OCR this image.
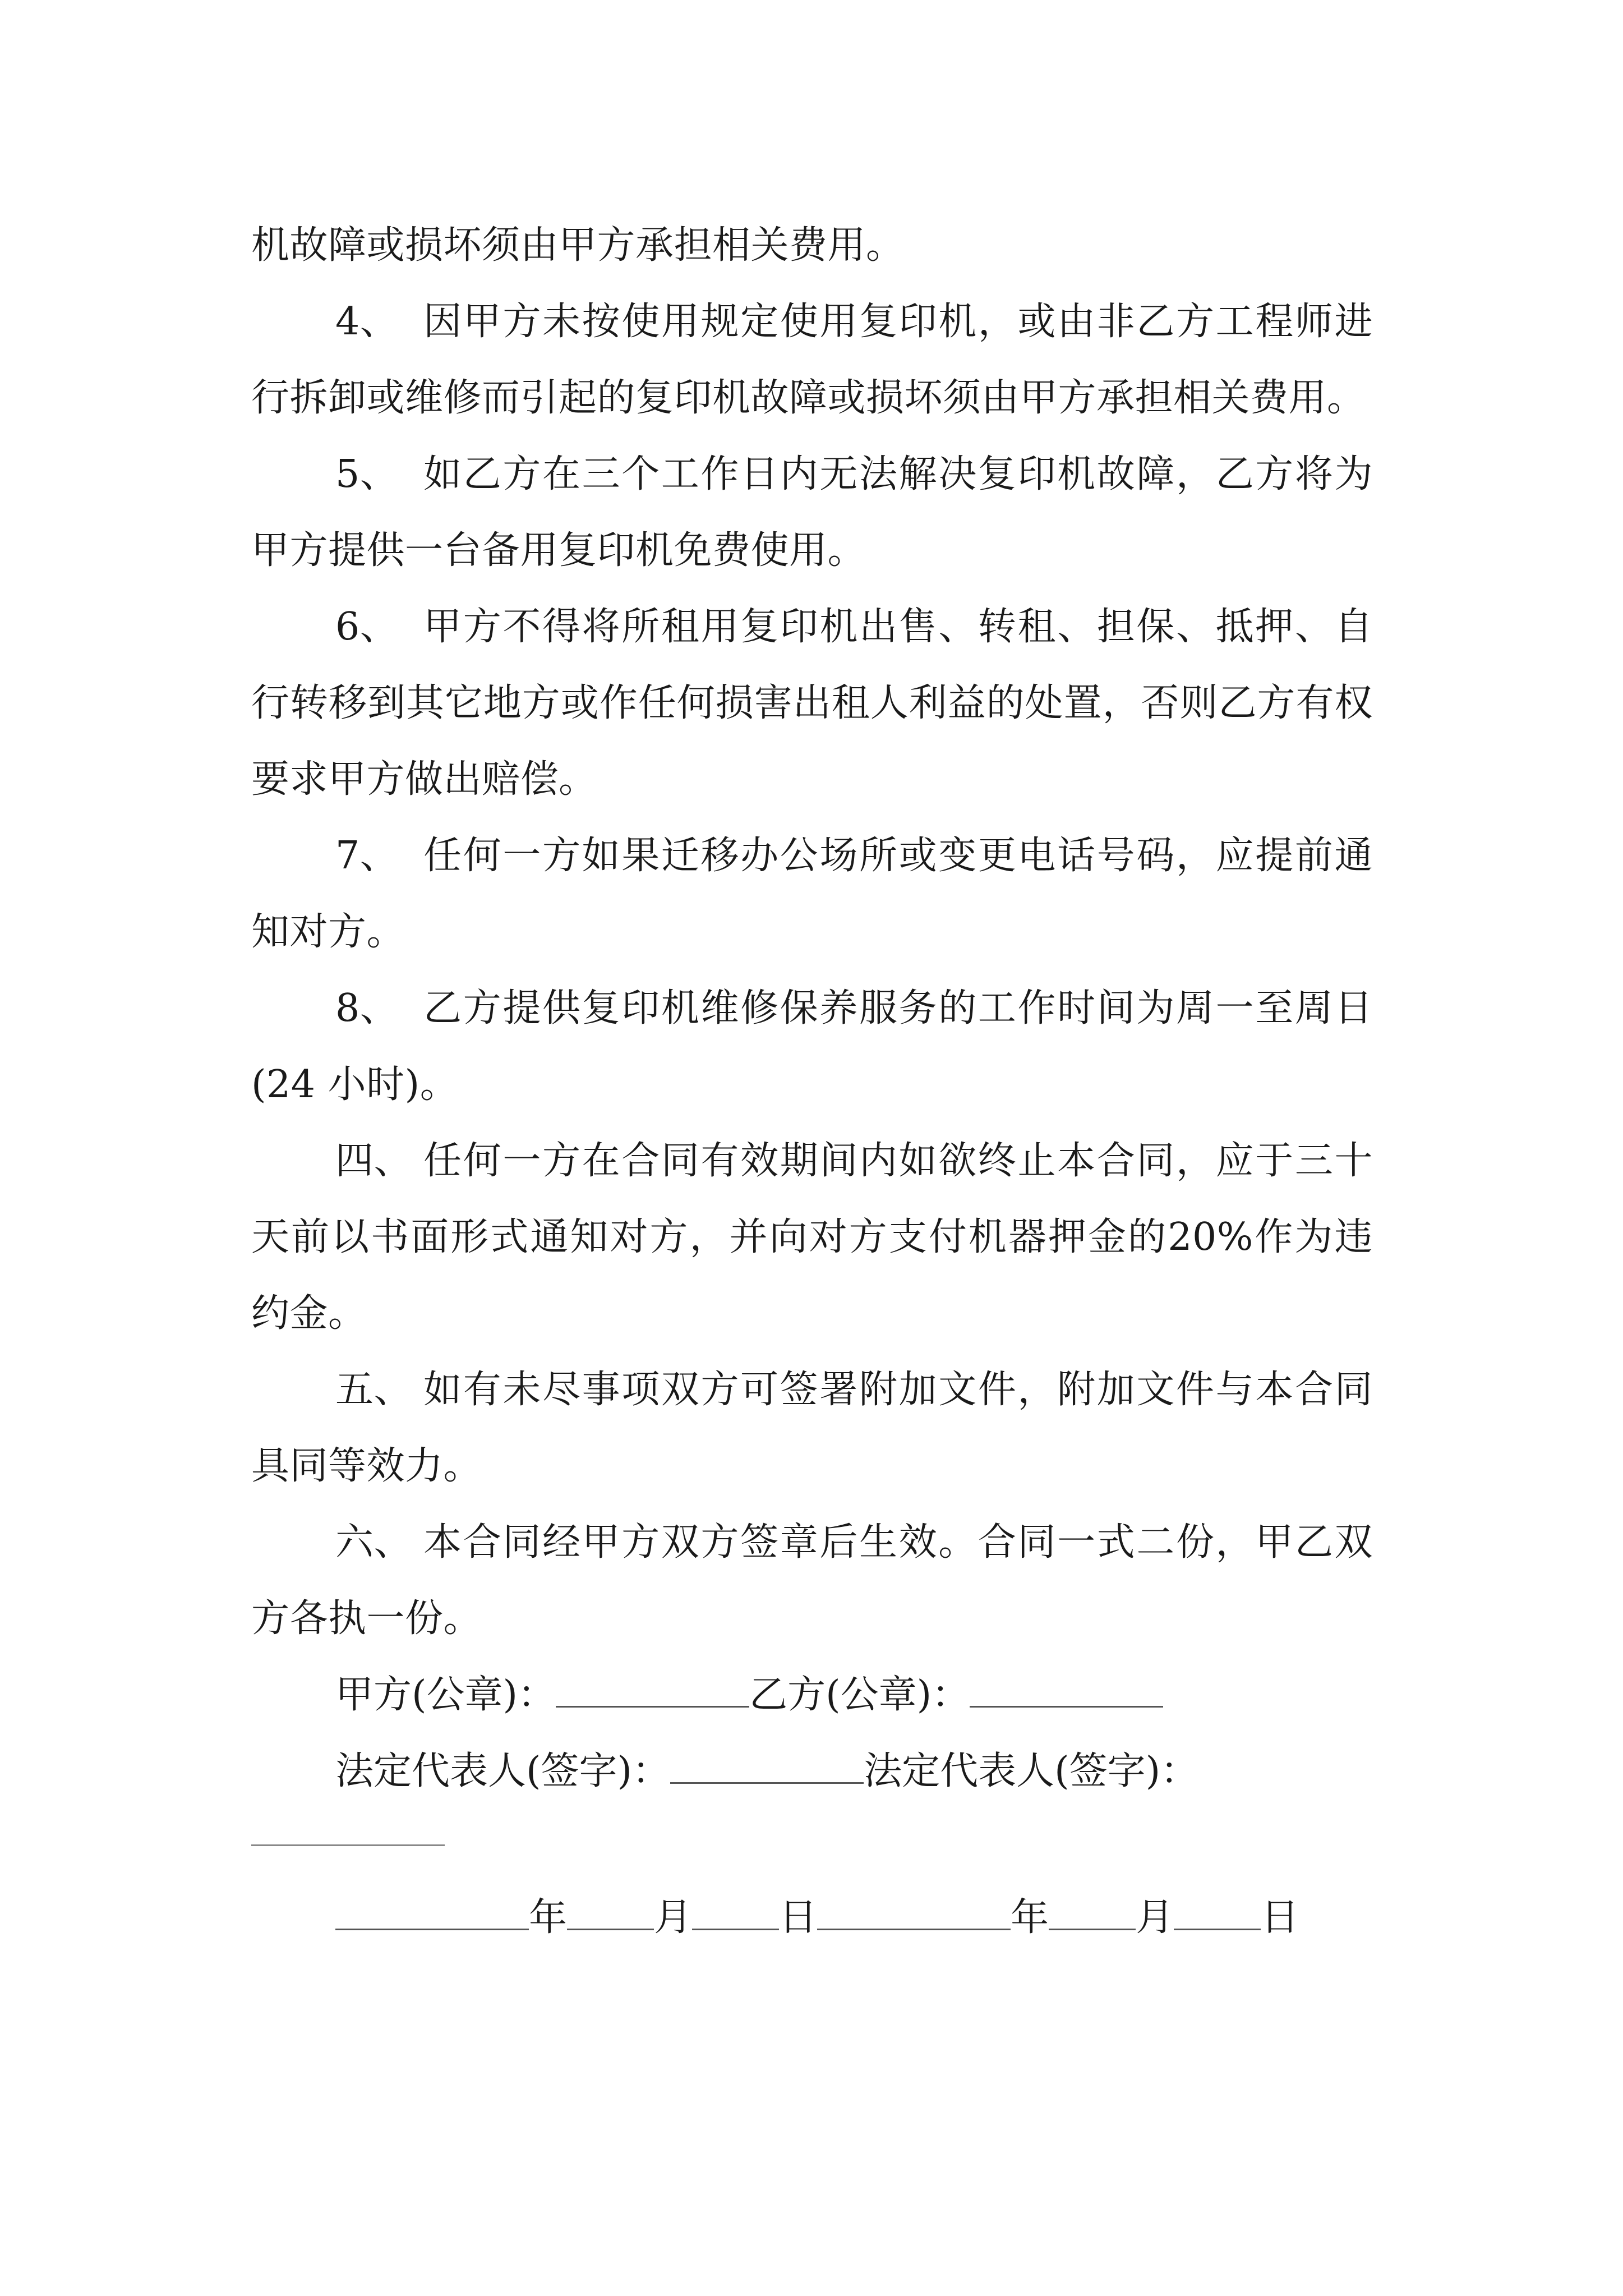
机故障或损坏须由甲方承担相关费用。

4、 因甲方未按使用规定使用复印机，或由非乙方工程师进行拆卸或维修而引起的复印机故障或损坏须由甲方承担相关费用。

5、 如乙方在三个工作日内无法解决复印机故障，乙方将为甲方提供一台备用复印机免费使用。

6、 甲方不得将所租用复印机出售、转租、担保、抵押、自行转移到其它地方或作任何损害出租人利益的处置，否则乙方有权要求甲方做出赔偿。

7、 任何一方如果迁移办公场所或变更电话号码，应提前通知对方。

8、 乙方提供复印机维修保养服务的工作时间为周一至周日(24 小时)。

四、 任何一方在合同有效期间内如欲终止本合同，应于三十天前以书面形式通知对方，并向对方支付机器押金的20%作为违约金。

五、 如有未尽事项双方可签署附加文件，附加文件与本合同具同等效力。

六、 本合同经甲方双方签章后生效。合同一式二份，甲乙双方各执一份。

甲方(公章)：	乙方(公章)：
法定代表人(签字)：	法定代表人(签字)：
年 月 日	年 月 日
